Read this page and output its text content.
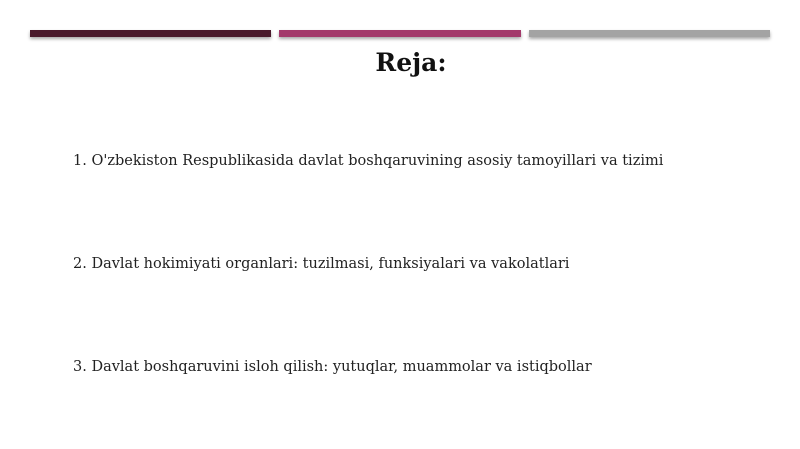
Reja:

1. O'zbekiston Respublikasida davlat boshqaruvining asosiy tamoyillari va tizimi

2. Davlat hokimiyati organlari: tuzilmasi, funksiyalari va vakolatlari

3. Davlat boshqaruvini isloh qilish: yutuqlar, muammolar va istiqbollar
